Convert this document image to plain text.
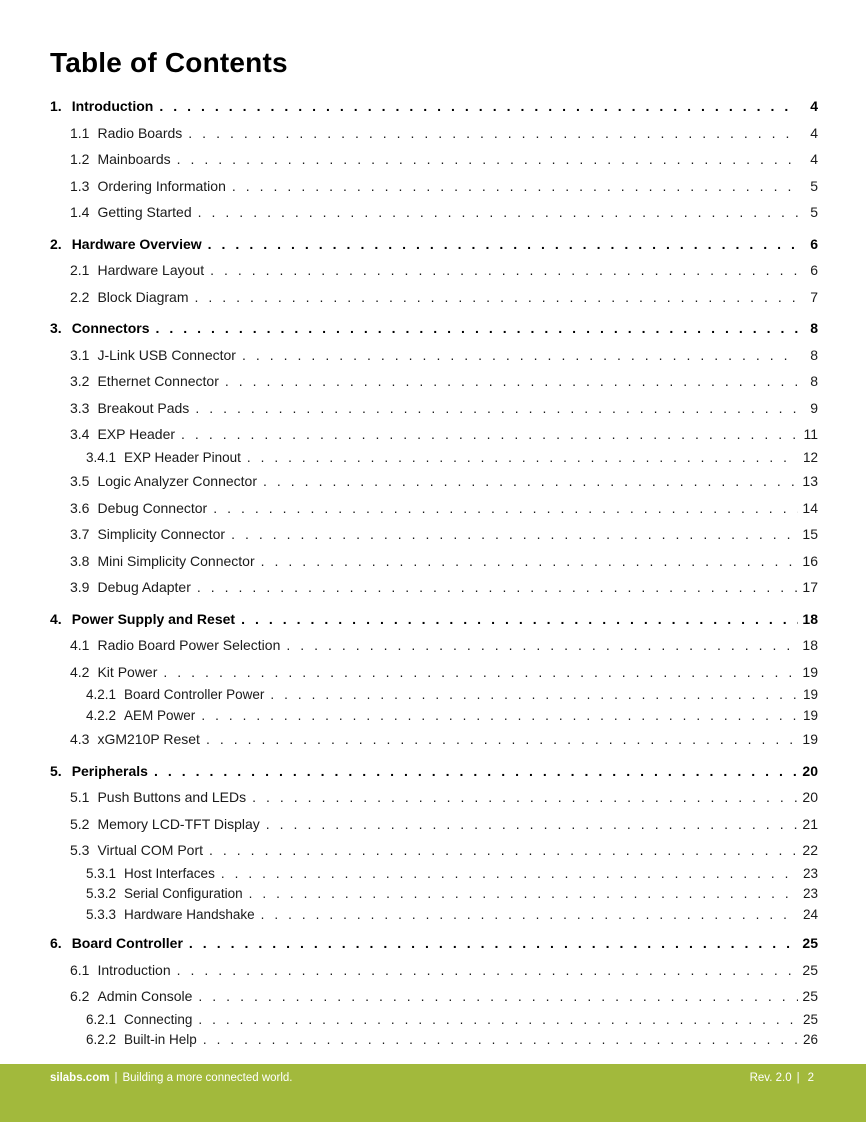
Table of Contents
1. Introduction .....	4
1.1 Radio Boards .....	4
1.2 Mainboards .....	4
1.3 Ordering Information .....	5
1.4 Getting Started .....	5
2. Hardware Overview .....	6
2.1 Hardware Layout .....	6
2.2 Block Diagram .....	7
3. Connectors .....	8
3.1 J-Link USB Connector .....	8
3.2 Ethernet Connector .....	8
3.3 Breakout Pads .....	9
3.4 EXP Header .....	11
3.4.1 EXP Header Pinout .....	12
3.5 Logic Analyzer Connector .....	13
3.6 Debug Connector .....	14
3.7 Simplicity Connector .....	15
3.8 Mini Simplicity Connector .....	16
3.9 Debug Adapter .....	17
4. Power Supply and Reset .....	18
4.1 Radio Board Power Selection .....	18
4.2 Kit Power .....	19
4.2.1 Board Controller Power .....	19
4.2.2 AEM Power .....	19
4.3 xGM210P Reset .....	19
5. Peripherals .....	20
5.1 Push Buttons and LEDs .....	20
5.2 Memory LCD-TFT Display .....	21
5.3 Virtual COM Port .....	22
5.3.1 Host Interfaces .....	23
5.3.2 Serial Configuration .....	23
5.3.3 Hardware Handshake .....	24
6. Board Controller .....	25
6.1 Introduction .....	25
6.2 Admin Console .....	25
6.2.1 Connecting .....	25
6.2.2 Built-in Help .....	26
silabs.com | Building a more connected world.	Rev. 2.0 | 2
